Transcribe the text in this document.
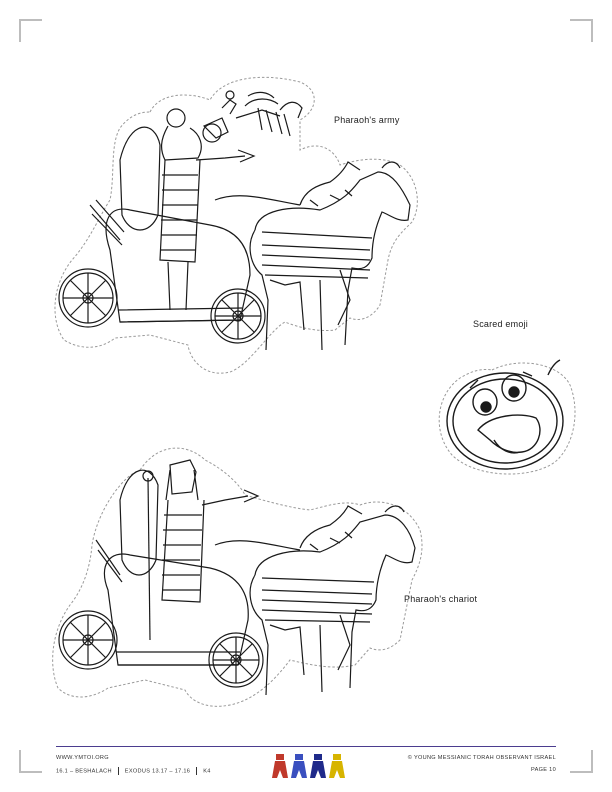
Pharaoh's army
Scared emoji
Pharaoh's chariot
WWW.YMTOI.ORG
16.1 – BESHALACH EXODUS 13.17 – 17.16 K4
© YOUNG MESSIANIC TORAH OBSERVANT ISRAEL
PAGE 10
